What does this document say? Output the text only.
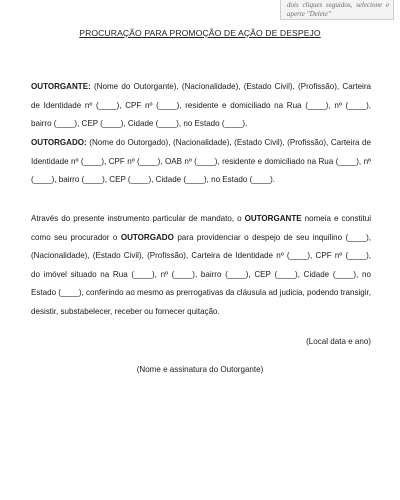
dois cliques seguidos, selecione e aperte "Delete"
PROCURAÇÃO PARA PROMOÇÃO DE AÇÃO DE DESPEJO

OUTORGANTE: (Nome do Outorgante), (Nacionalidade), (Estado Civil), (Profissão), Carteira de Identidade nº (____), CPF nº (____), residente e domiciliado na Rua (____), nº (____), bairro (____), CEP (____), Cidade (____), no Estado (____).

OUTORGADO: (Nome do Outorgado), (Nacionalidade), (Estado Civil), (Profissão), Carteira de Identidade nº (____), CPF nº (____), OAB nº (____), residente e domiciliado na Rua (____), nº (____), bairro (____), CEP (____), Cidade (____), no Estado (____).

Através do presente instrumento particular de mandato, o OUTORGANTE nomeia e constitui como seu procurador o OUTORGADO para providenciar o despejo de seu inquilino (____), (Nacionalidade), (Estado Civil), (Profissão), Carteira de Identidade nº (____), CPF nº (____), do imóvel situado na Rua (____), nº (____), bairro (____), CEP (____), Cidade (____), no Estado (____), conferindo ao mesmo as prerrogativas da cláusula ad judicia, podendo transigir, desistir, substabelecer, receber ou fornecer quitação.

(Local data e ano)
(Nome e assinatura do Outorgante)
